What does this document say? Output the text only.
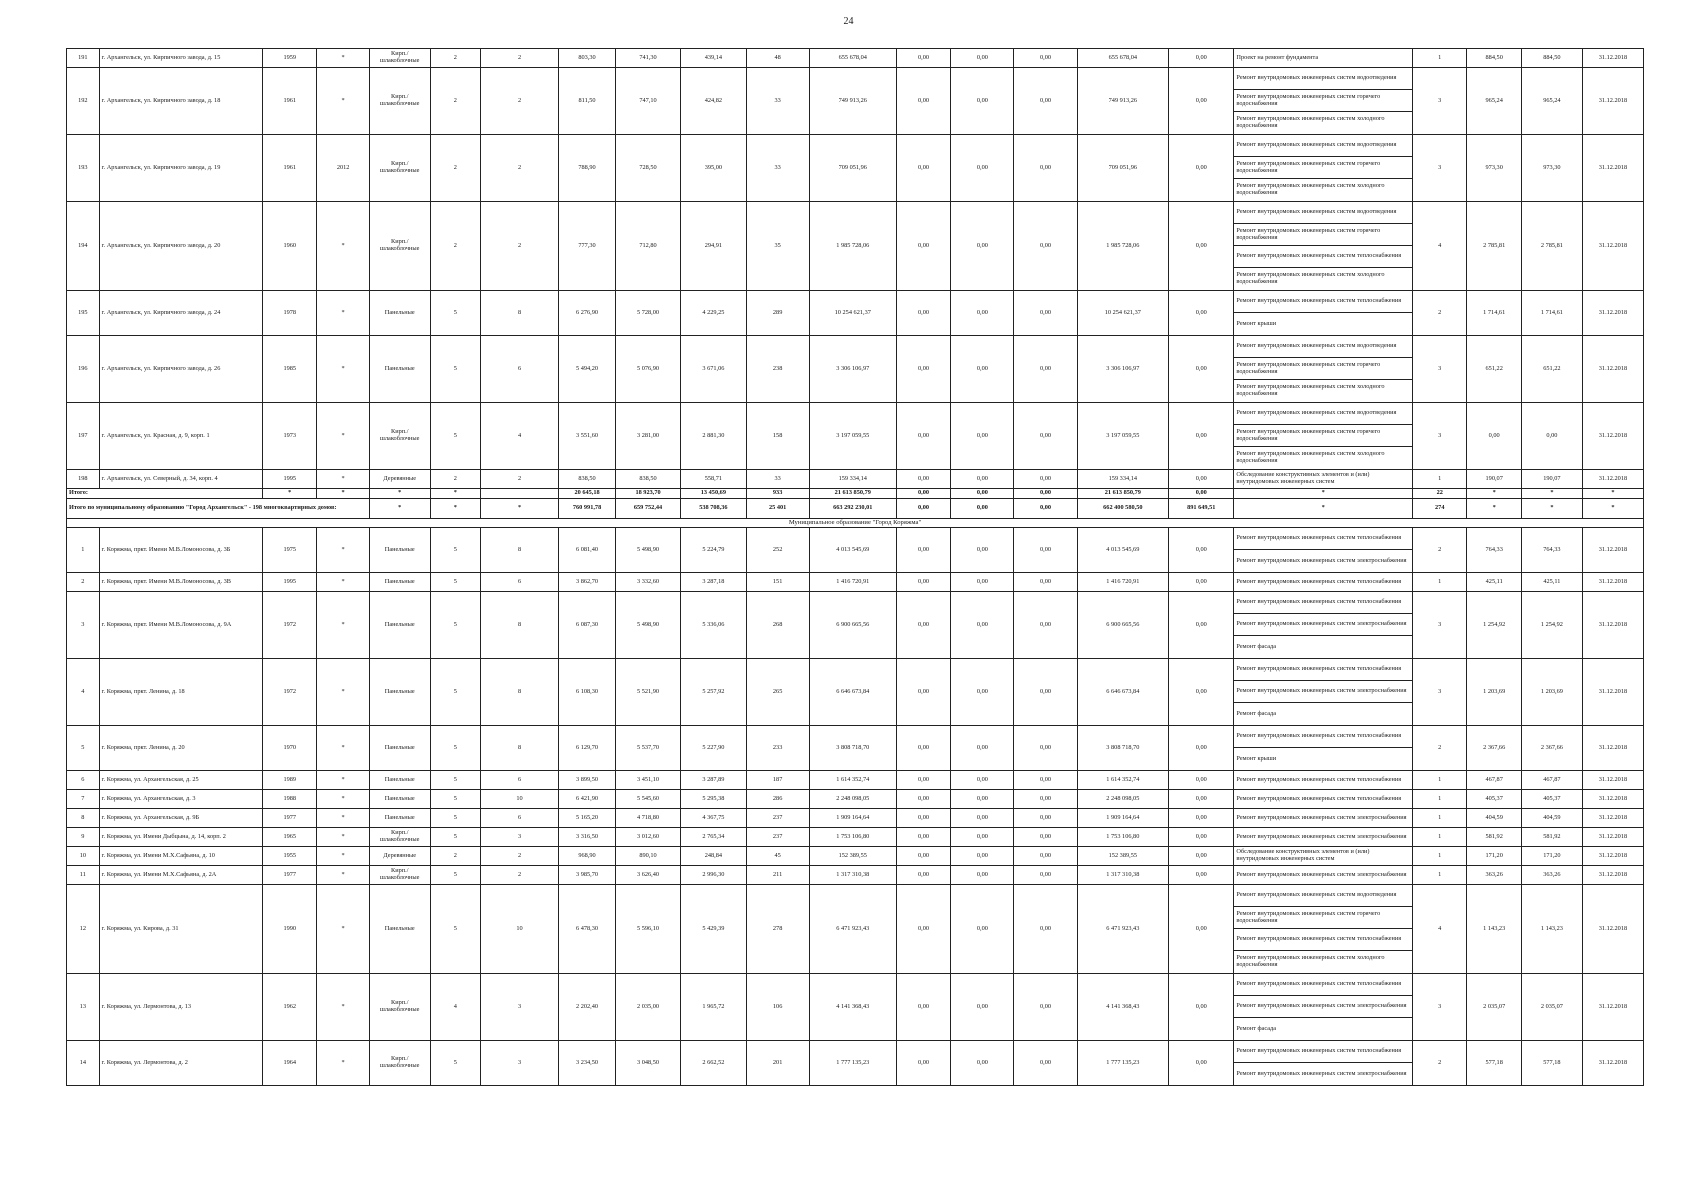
24
191	г. Архангельск, ул. Кирпичного завода, д. 15	1959	*	Кирп./ шлакоблочные	2	2	803,30	741,30	439,14	48	655 678,04	0,00	0,00	0,00	655 678,04	0,00	Проект на ремонт фундамента	1	884,50	884,50	31.12.2018
192	г. Архангельск, ул. Кирпичного завода, д. 18	1961	*	Кирп./ шлакоблочные	2	2	811,50	747,10	424,82	33	749 913,26	0,00	0,00	0,00	749 913,26	0,00	Ремонт внутридомовых инженерных систем водоотведения
Ремонт внутридомовых инженерных систем горячего водоснабжения
Ремонт внутридомовых инженерных систем холодного водоснабжения	3	965,24	965,24	31.12.2018
193	г. Архангельск, ул. Кирпичного завода, д. 19	1961	2012	Кирп./ шлакоблочные	2	2	788,90	728,50	395,00	33	709 051,96	0,00	0,00	0,00	709 051,96	0,00	Ремонт внутридомовых инженерных систем водоотведения
Ремонт внутридомовых инженерных систем горячего водоснабжения
Ремонт внутридомовых инженерных систем холодного водоснабжения	3	973,30	973,30	31.12.2018
194	г. Архангельск, ул. Кирпичного завода, д. 20	1960	*	Кирп./ шлакоблочные	2	2	777,30	712,80	294,91	35	1 985 728,06	0,00	0,00	0,00	1 985 728,06	0,00	Ремонт внутридомовых инженерных систем водоотведения
Ремонт внутридомовых инженерных систем горячего водоснабжения
Ремонт внутридомовых инженерных систем теплоснабжения
Ремонт внутридомовых инженерных систем холодного водоснабжения	4	2 785,81	2 785,81	31.12.2018
195	г. Архангельск, ул. Кирпичного завода, д. 24	1978	*	Панельные	5	8	6 276,90	5 728,00	4 229,25	289	10 254 621,37	0,00	0,00	0,00	10 254 621,37	0,00	Ремонт внутридомовых инженерных систем теплоснабжения
Ремонт крыши	2	1 714,61	1 714,61	31.12.2018
196	г. Архангельск, ул. Кирпичного завода, д. 26	1985	*	Панельные	5	6	5 494,20	5 076,90	3 671,06	238	3 306 106,97	0,00	0,00	0,00	3 306 106,97	0,00	Ремонт внутридомовых инженерных систем водоотведения
Ремонт внутридомовых инженерных систем горячего водоснабжения
Ремонт внутридомовых инженерных систем холодного водоснабжения	3	651,22	651,22	31.12.2018
197	г. Архангельск, ул. Красная, д. 9, корп. 1	1973	*	Кирп./ шлакоблочные	5	4	3 551,60	3 281,00	2 881,30	158	3 197 059,55	0,00	0,00	0,00	3 197 059,55	0,00	Ремонт внутридомовых инженерных систем водоотведения
Ремонт внутридомовых инженерных систем горячего водоснабжения
Ремонт внутридомовых инженерных систем холодного водоснабжения	3	0,00	0,00	31.12.2018
198	г. Архангельск, ул. Северный, д. 34, корп. 4	1995	*	Деревянные	2	2	838,50	838,50	558,71	33	159 334,14	0,00	0,00	0,00	159 334,14	0,00	Обследование конструктивных элементов и (или) внутридомовых инженерных систем	1	190,07	190,07	31.12.2018
Итого:		*	*	*	*		20 645,18	18 923,70	13 450,69	933	21 613 850,79	0,00	0,00	0,00	21 613 850,79	0,00	*	22	*	*	*
Итого по муниципальному образованию "Город Архангельск" - 198 многоквартирных домов:				*	*	*	760 991,78	659 752,44	538 708,36	25 401	663 292 230,01	0,00	0,00	0,00	662 400 580,50	891 649,51	*	274	*	*	*
Муниципальное образование "Город Коряжма"																					
1	г. Коряжма, пркт. Имени М.В.Ломоносова, д. 3Б	1975	*	Панельные	5	8	6 081,40	5 498,90	5 224,79	252	4 013 545,69	0,00	0,00	0,00	4 013 545,69	0,00	Ремонт внутридомовых инженерных систем теплоснабжения
Ремонт внутридомовых инженерных систем электроснабжения	2	764,33	764,33	31.12.2018
2	г. Коряжма, пркт. Имени М.В.Ломоносова, д. 3В	1995	*	Панельные	5	6	3 862,70	3 332,60	3 287,18	151	1 416 720,91	0,00	0,00	0,00	1 416 720,91	0,00	Ремонт внутридомовых инженерных систем теплоснабжения	1	425,11	425,11	31.12.2018
3	г. Коряжма, пркт. Имени М.В.Ломоносова, д. 9А	1972	*	Панельные	5	8	6 087,30	5 498,90	5 336,06	268	6 900 665,56	0,00	0,00	0,00	6 900 665,56	0,00	Ремонт внутридомовых инженерных систем теплоснабжения
Ремонт внутридомовых инженерных систем электроснабжения
Ремонт фасада	3	1 254,92	1 254,92	31.12.2018
4	г. Коряжма, пркт. Ленина, д. 18	1972	*	Панельные	5	8	6 108,30	5 521,90	5 257,92	265	6 646 673,84	0,00	0,00	0,00	6 646 673,84	0,00	Ремонт внутридомовых инженерных систем теплоснабжения
Ремонт внутридомовых инженерных систем электроснабжения
Ремонт фасада	3	1 203,69	1 203,69	31.12.2018
5	г. Коряжма, пркт. Ленина, д. 20	1970	*	Панельные	5	8	6 129,70	5 537,70	5 227,90	233	3 808 718,70	0,00	0,00	0,00	3 808 718,70	0,00	Ремонт внутридомовых инженерных систем теплоснабжения
Ремонт крыши	2	2 367,66	2 367,66	31.12.2018
6	г. Коряжма, ул. Архангельская, д. 25	1989	*	Панельные	5	6	3 899,50	3 451,10	3 287,89	187	1 614 352,74	0,00	0,00	0,00	1 614 352,74	0,00	Ремонт внутридомовых инженерных систем теплоснабжения	1	467,87	467,87	31.12.2018
7	г. Коряжма, ул. Архангельская, д. 3	1988	*	Панельные	5	10	6 421,90	5 545,60	5 295,38	286	2 248 098,05	0,00	0,00	0,00	2 248 098,05	0,00	Ремонт внутридомовых инженерных систем теплоснабжения	1	405,37	405,37	31.12.2018
8	г. Коряжма, ул. Архангельская, д. 9Б	1977	*	Панельные	5	6	5 165,20	4 718,80	4 367,75	237	1 909 164,64	0,00	0,00	0,00	1 909 164,64	0,00	Ремонт внутридомовых инженерных систем электроснабжения	1	404,59	404,59	31.12.2018
9	г. Коряжма, ул. Имени Дыбцына, д. 14, корп. 2	1965	*	Кирп./ шлакоблочные	5	3	3 316,50	3 012,60	2 765,34	237	1 753 106,80	0,00	0,00	0,00	1 753 106,80	0,00	Ремонт внутридомовых инженерных систем электроснабжения	1	581,92	581,92	31.12.2018
10	г. Коряжма, ул. Имени М.Х.Сафьяна, д. 10	1955	*	Деревянные	2	2	968,90	890,10	248,84	45	152 389,55	0,00	0,00	0,00	152 389,55	0,00	Обследование конструктивных элементов и (или) внутридомовых инженерных систем	1	171,20	171,20	31.12.2018
11	г. Коряжма, ул. Имени М.Х.Сафьяна, д. 2А	1977	*	Кирп./ шлакоблочные	5	2	3 985,70	3 626,40	2 996,30	211	1 317 310,38	0,00	0,00	0,00	1 317 310,38	0,00	Ремонт внутридомовых инженерных систем электроснабжения	1	363,26	363,26	31.12.2018
12	г. Коряжма, ул. Кирова, д. 31	1990	*	Панельные	5	10	6 478,30	5 596,10	5 429,39	278	6 471 923,43	0,00	0,00	0,00	6 471 923,43	0,00	Ремонт внутридомовых инженерных систем водоотведения
Ремонт внутридомовых инженерных систем горячего водоснабжения
Ремонт внутридомовых инженерных систем теплоснабжения
Ремонт внутридомовых инженерных систем холодного водоснабжения	4	1 143,23	1 143,23	31.12.2018
13	г. Коряжма, ул. Лермонтова, д. 13	1962	*	Кирп./ шлакоблочные	4	3	2 202,40	2 035,00	1 965,72	106	4 141 368,43	0,00	0,00	0,00	4 141 368,43	0,00	Ремонт внутридомовых инженерных систем теплоснабжения
Ремонт внутридомовых инженерных систем электроснабжения
Ремонт фасада	3	2 035,07	2 035,07	31.12.2018
14	г. Коряжма, ул. Лермонтова, д. 2	1964	*	Кирп./ шлакоблочные	5	3	3 234,50	3 048,50	2 662,52	201	1 777 135,23	0,00	0,00	0,00	1 777 135,23	0,00	Ремонт внутридомовых инженерных систем теплоснабжения
Ремонт внутридомовых инженерных систем электроснабжения	2	577,18	577,18	31.12.2018
